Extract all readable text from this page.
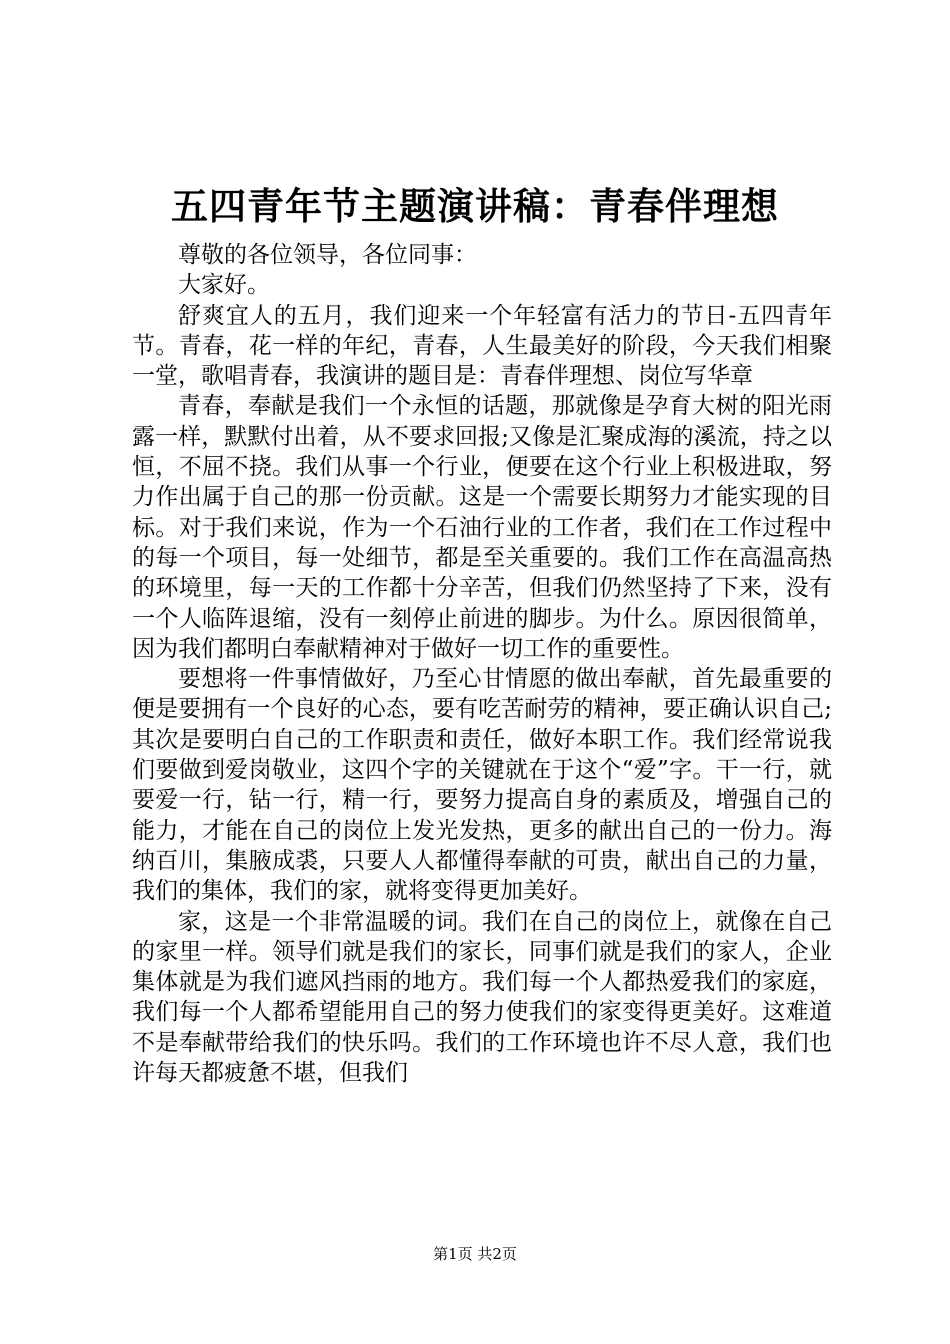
五四青年节主题演讲稿：青春伴理想

尊敬的各位领导，各位同事：

大家好。

舒爽宜人的五月，我们迎来一个年轻富有活力的节日-五四青年节。青春，花一样的年纪，青春，人生最美好的阶段，今天我们相聚一堂，歌唱青春，我演讲的题目是：青春伴理想、岗位写华章

青春，奉献是我们一个永恒的话题，那就像是孕育大树的阳光雨露一样，默默付出着，从不要求回报;又像是汇聚成海的溪流，持之以恒，不屈不挠。我们从事一个行业，便要在这个行业上积极进取，努力作出属于自己的那一份贡献。这是一个需要长期努力才能实现的目标。对于我们来说，作为一个石油行业的工作者，我们在工作过程中的每一个项目，每一处细节，都是至关重要的。我们工作在高温高热的环境里，每一天的工作都十分辛苦，但我们仍然坚持了下来，没有一个人临阵退缩，没有一刻停止前进的脚步。为什么。原因很简单，因为我们都明白奉献精神对于做好一切工作的重要性。

要想将一件事情做好，乃至心甘情愿的做出奉献，首先最重要的便是要拥有一个良好的心态，要有吃苦耐劳的精神，要正确认识自己;其次是要明白自己的工作职责和责任，做好本职工作。我们经常说我们要做到爱岗敬业，这四个字的关键就在于这个“爱”字。干一行，就要爱一行，钻一行，精一行，要努力提高自身的素质及，增强自己的能力，才能在自己的岗位上发光发热，更多的献出自己的一份力。海纳百川，集腋成裘，只要人人都懂得奉献的可贵，献出自己的力量，我们的集体，我们的家，就将变得更加美好。

家，这是一个非常温暖的词。我们在自己的岗位上，就像在自己的家里一样。领导们就是我们的家长，同事们就是我们的家人，企业集体就是为我们遮风挡雨的地方。我们每一个人都热爱我们的家庭，我们每一个人都希望能用自己的努力使我们的家变得更美好。这难道不是奉献带给我们的快乐吗。我们的工作环境也许不尽人意，我们也许每天都疲惫不堪，但我们

第1页 共2页
